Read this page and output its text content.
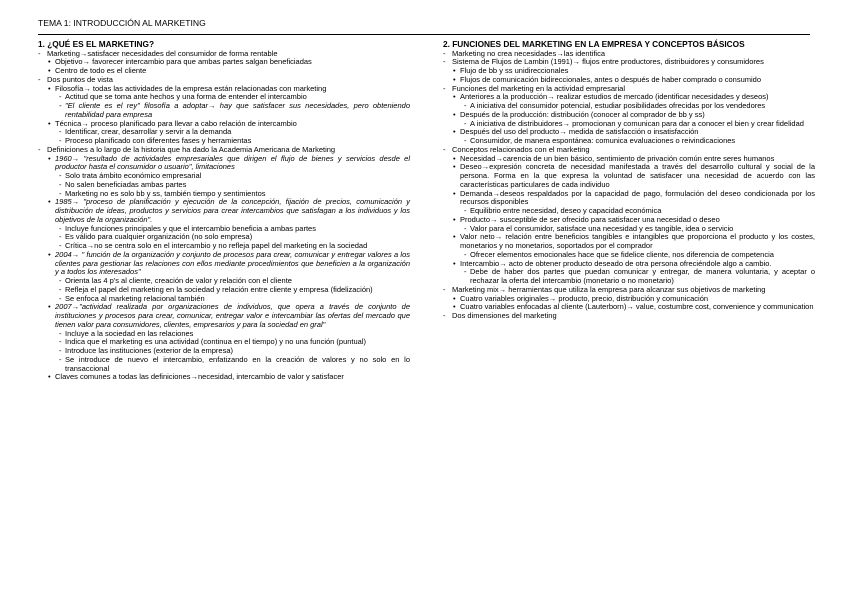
TEMA 1: INTRODUCCIÓN AL MARKETING
1. ¿QUÉ ES EL MARKETING?
- Marketing→satisfacer necesidades del consumidor de forma rentable
• Objetivo→ favorecer intercambio para que ambas partes salgan beneficiadas
• Centro de todo es el cliente
- Dos puntos de vista
• Filosofía→ todas las actividades de la empresa están relacionadas con marketing
- Actitud que se toma ante hechos y una forma de entender el intercambio
- "El cliente es el rey" filosofía a adoptar→ hay que satisfacer sus necesidades, pero obteniendo rentabilidad para empresa
• Técnica→ proceso planificado para llevar a cabo relación de intercambio
- Identificar, crear, desarrollar y servir a la demanda
- Proceso planificado con diferentes fases y herramientas
- Definiciones a lo largo de la historia que ha dado la Academia Americana de Marketing
• 1960→ "resultado de actividades empresariales que dirigen el flujo de bienes y servicios desde el productor hasta el consumidor o usuario", limitaciones
- Solo trata ámbito económico empresarial
- No salen beneficiadas ambas partes
- Marketing no es solo bb y ss, también tiempo y sentimientos
• 1985→ "proceso de planificación y ejecución de la concepción, fijación de precios, comunicación y distribución de ideas, productos y servicios para crear intercambios que satisfagan a los individuos y los objetivos de la organización".
- Incluye funciones principales y que el intercambio beneficia a ambas partes
- Es válido para cualquier organización (no solo empresa)
- Crítica→no se centra solo en el intercambio y no refleja papel del marketing en la sociedad
• 2004→ " función de la organización y conjunto de procesos para crear, comunicar y entregar valores a los clientes para gestionar las relaciones con ellos mediante procedimientos que beneficien a la organización y a todos los interesados"
- Orienta las 4 p's al cliente, creación de valor y relación con el cliente
- Refleja el papel del marketing en la sociedad y relación entre cliente y empresa (fidelización)
- Se enfoca al marketing relacional también
• 2007→"actividad realizada por organizaciones de individuos, que opera a través de conjunto de instituciones y procesos para crear, comunicar, entregar valor e intercambiar las ofertas del mercado que tienen valor para consumidores, clientes, empresarios y para la sociedad en gral"
- Incluye a la sociedad en las relaciones
- Indica que el marketing es una actividad (continua en el tiempo) y no una función (puntual)
- Introduce las instituciones (exterior de la empresa)
- Se introduce de nuevo el intercambio, enfatizando en la creación de valores y no solo en lo transaccional
• Claves comunes a todas las definiciones→necesidad, intercambio de valor y satisfacer
2. FUNCIONES DEL MARKETING EN LA EMPRESA Y CONCEPTOS BÁSICOS
- Marketing no crea necesidades→las identifica
- Sistema de Flujos de Lambin (1991)→ flujos entre productores, distribuidores y consumidores
• Flujo de bb y ss unidireccionales
• Flujos de comunicación bidireccionales, antes o después de haber comprado o consumido
- Funciones del marketing en la actividad empresarial
• Anteriores a la producción→ realizar estudios de mercado (identificar necesidades y deseos)
- A iniciativa del consumidor potencial, estudiar posibilidades ofrecidas por los vendedores
• Después de la producción: distribución (conocer al comprador de bb y ss)
- A iniciativa de distribuidores→ promocionan y comunican para dar a conocer el bien y crear fidelidad
• Después del uso del producto→ medida de satisfacción o insatisfacción
- Consumidor, de manera espontánea: comunica evaluaciones o reivindicaciones
- Conceptos relacionados con el marketing
• Necesidad→carencia de un bien básico, sentimiento de privación común entre seres humanos
• Deseo→expresión concreta de necesidad manifestada a través del desarrollo cultural y social de la persona. Forma en la que expresa la voluntad de satisfacer una necesidad de acuerdo con las características particulares de cada individuo
• Demanda→deseos respaldados por la capacidad de pago, formulación del deseo condicionada por los recursos disponibles
- Equilibrio entre necesidad, deseo y capacidad económica
• Producto→ susceptible de ser ofrecido para satisfacer una necesidad o deseo
- Valor para el consumidor, satisface una necesidad y es tangible, idea o servicio
• Valor neto→ relación entre beneficios tangibles e intangibles que proporciona el producto y los costes, monetarios y no monetarios, soportados por el comprador
- Ofrecer elementos emocionales hace que se fidelice cliente, nos diferencia de competencia
• Intercambio→ acto de obtener producto deseado de otra persona ofreciéndole algo a cambio.
- Debe de haber dos partes que puedan comunicar y entregar, de manera voluntaria, y aceptar o rechazar la oferta del intercambio (monetario o no monetario)
- Marketing mix→ herramientas que utiliza la empresa para alcanzar sus objetivos de marketing
• Cuatro variables originales→ producto, precio, distribución y comunicación
• Cuatro variables enfocadas al cliente (Lauterborn)→ value, costumbre cost, convenience y communication
- Dos dimensiones del marketing
